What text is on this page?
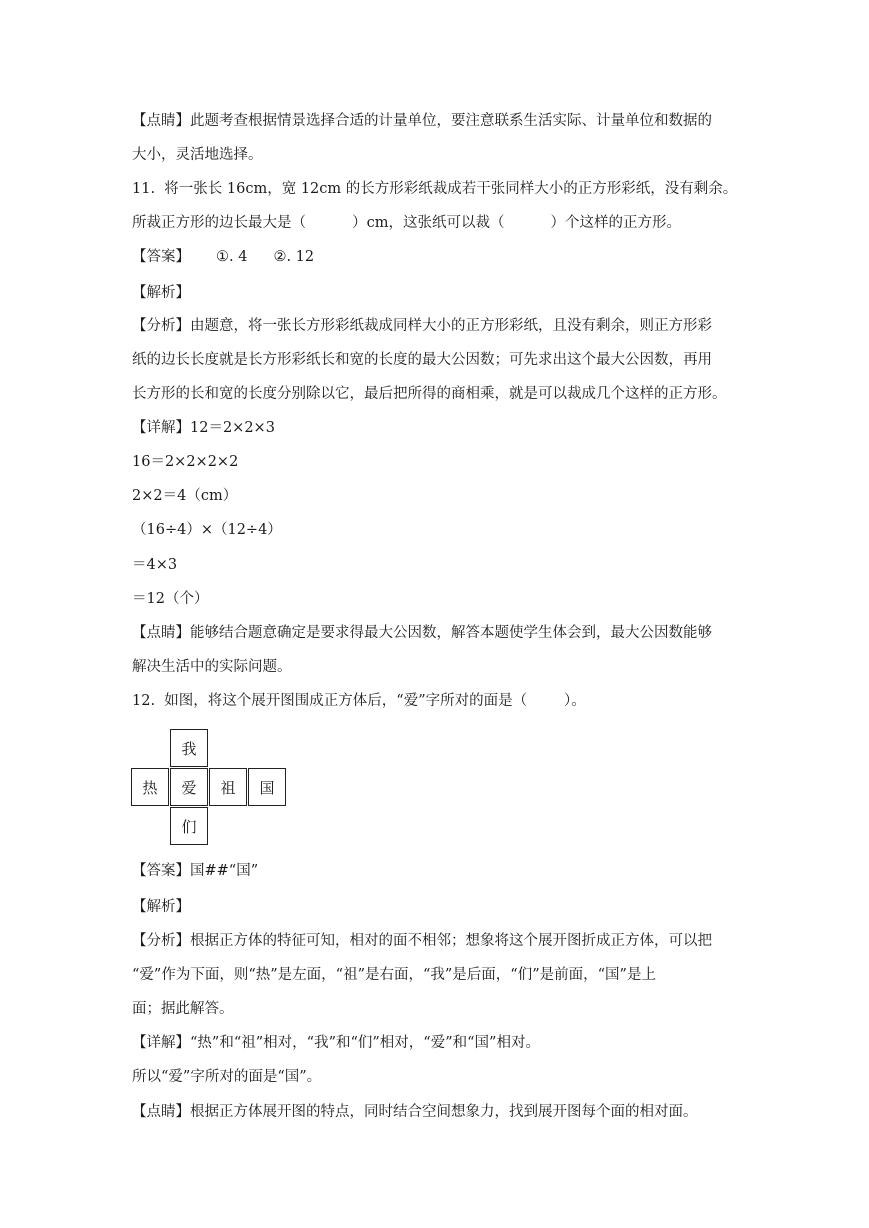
【点睛】此题考查根据情景选择合适的计量单位，要注意联系生活实际、计量单位和数据的
大小，灵活地选择。
11.  将一张长 16cm，宽 12cm 的长方形彩纸裁成若干张同样大小的正方形彩纸，没有剩余。
所裁正方形的边长最大是（          ）cm，这张纸可以裁（          ）个这样的正方形。
【答案】 ①. 4 ②. 12
【解析】
【分析】由题意，将一张长方形彩纸裁成同样大小的正方形彩纸，且没有剩余，则正方形彩
纸的边长长度就是长方形彩纸长和宽的长度的最大公因数；可先求出这个最大公因数，再用
长方形的长和宽的长度分别除以它，最后把所得的商相乘，就是可以裁成几个这样的正方形。
【详解】12＝2×2×3
16＝2×2×2×2
2×2＝4（cm）
（16÷4）×（12÷4）
＝4×3
＝12（个）
【点睛】能够结合题意确定是要求得最大公因数，解答本题使学生体会到，最大公因数能够
解决生活中的实际问题。
12.  如图，将这个展开图围成正方体后，“爱”字所对的面是（        ）。
我
热	爱	祖	国
们
【答案】国##“国”
【解析】
【分析】根据正方体的特征可知，相对的面不相邻；想象将这个展开图折成正方体，可以把
“爱”作为下面，则“热”是左面，“祖”是右面，“我”是后面，“们”是前面，“国”是上
面；据此解答。
【详解】“热”和“祖”相对，“我”和“们”相对，“爱”和“国”相对。
所以“爱”字所对的面是“国”。
【点睛】根据正方体展开图的特点，同时结合空间想象力，找到展开图每个面的相对面。
